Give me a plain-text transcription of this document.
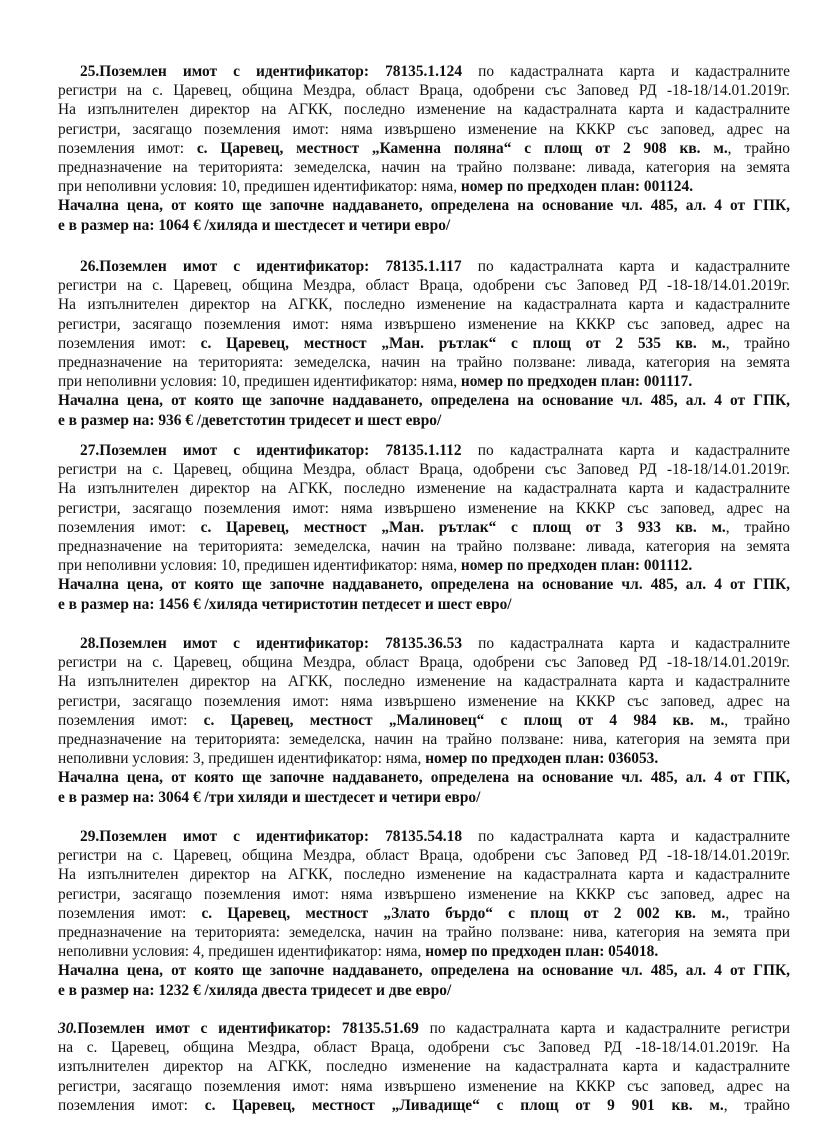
25.Поземлен имот с идентификатор: 78135.1.124 по кадастралната карта и кадастралните
регистри на с. Царевец, община Мездра, област Враца, одобрени със Заповед РД -18-18/14.01.2019г.
На изпълнителен директор на АГКК, последно изменение на кадастралната карта и кадастралните
регистри, засягащо поземления имот: няма извършено изменение на КККР със заповед, адрес на
поземления имот: с. Царевец, местност „Каменна поляна“ с площ от 2 908 кв. м., трайно
предназначение на територията: земеделска, начин на трайно ползване: ливада, категория на земята
при неполивни условия: 10, предишен идентификатор: няма, номер по предходен план: 001124.
Начална цена, от която ще започне наддаването, определена на основание чл. 485, ал. 4 от ГПК,
е в размер на: 1064 € /хиляда и шестдесет и четири евро/
26.Поземлен имот с идентификатор: 78135.1.117 по кадастралната карта и кадастралните
регистри на с. Царевец, община Мездра, област Враца, одобрени със Заповед РД -18-18/14.01.2019г.
На изпълнителен директор на АГКК, последно изменение на кадастралната карта и кадастралните
регистри, засягащо поземления имот: няма извършено изменение на КККР със заповед, адрес на
поземления имот: с. Царевец, местност „Ман. рътлак“ с площ от 2 535 кв. м., трайно
предназначение на територията: земеделска, начин на трайно ползване: ливада, категория на земята
при неполивни условия: 10, предишен идентификатор: няма, номер по предходен план: 001117.
Начална цена, от която ще започне наддаването, определена на основание чл. 485, ал. 4 от ГПК,
е в размер на: 936 € /деветстотин тридесет и шест евро/
27.Поземлен имот с идентификатор: 78135.1.112 по кадастралната карта и кадастралните
регистри на с. Царевец, община Мездра, област Враца, одобрени със Заповед РД -18-18/14.01.2019г.
На изпълнителен директор на АГКК, последно изменение на кадастралната карта и кадастралните
регистри, засягащо поземления имот: няма извършено изменение на КККР със заповед, адрес на
поземления имот: с. Царевец, местност „Ман. рътлак“ с площ от 3 933 кв. м., трайно
предназначение на територията: земеделска, начин на трайно ползване: ливада, категория на земята
при неполивни условия: 10, предишен идентификатор: няма, номер по предходен план: 001112.
Начална цена, от която ще започне наддаването, определена на основание чл. 485, ал. 4 от ГПК,
е в размер на: 1456 € /хиляда четиристотин петдесет и шест евро/
28.Поземлен имот с идентификатор: 78135.36.53 по кадастралната карта и кадастралните
регистри на с. Царевец, община Мездра, област Враца, одобрени със Заповед РД -18-18/14.01.2019г.
На изпълнителен директор на АГКК, последно изменение на кадастралната карта и кадастралните
регистри, засягащо поземления имот: няма извършено изменение на КККР със заповед, адрес на
поземления имот: с. Царевец, местност „Малиновец“ с площ от 4 984 кв. м., трайно
предназначение на територията: земеделска, начин на трайно ползване: нива, категория на земята при
неполивни условия: 3, предишен идентификатор: няма, номер по предходен план: 036053.
Начална цена, от която ще започне наддаването, определена на основание чл. 485, ал. 4 от ГПК,
е в размер на: 3064 € /три хиляди и шестдесет и четири евро/
29.Поземлен имот с идентификатор: 78135.54.18 по кадастралната карта и кадастралните
регистри на с. Царевец, община Мездра, област Враца, одобрени със Заповед РД -18-18/14.01.2019г.
На изпълнителен директор на АГКК, последно изменение на кадастралната карта и кадастралните
регистри, засягащо поземления имот: няма извършено изменение на КККР със заповед, адрес на
поземления имот: с. Царевец, местност „Злато бърдо“ с площ от 2 002 кв. м., трайно
предназначение на територията: земеделска, начин на трайно ползване: нива, категория на земята при
неполивни условия: 4, предишен идентификатор: няма, номер по предходен план: 054018.
Начална цена, от която ще започне наддаването, определена на основание чл. 485, ал. 4 от ГПК,
е в размер на: 1232 € /хиляда двеста тридесет и две евро/
30.Поземлен имот с идентификатор: 78135.51.69 по кадастралната карта и кадастралните регистри
на с. Царевец, община Мездра, област Враца, одобрени със Заповед РД -18-18/14.01.2019г. На
изпълнителен директор на АГКК, последно изменение на кадастралната карта и кадастралните
регистри, засягащо поземления имот: няма извършено изменение на КККР със заповед, адрес на
поземления имот: с. Царевец, местност „Ливадище“ с площ от 9 901 кв. м., трайно
